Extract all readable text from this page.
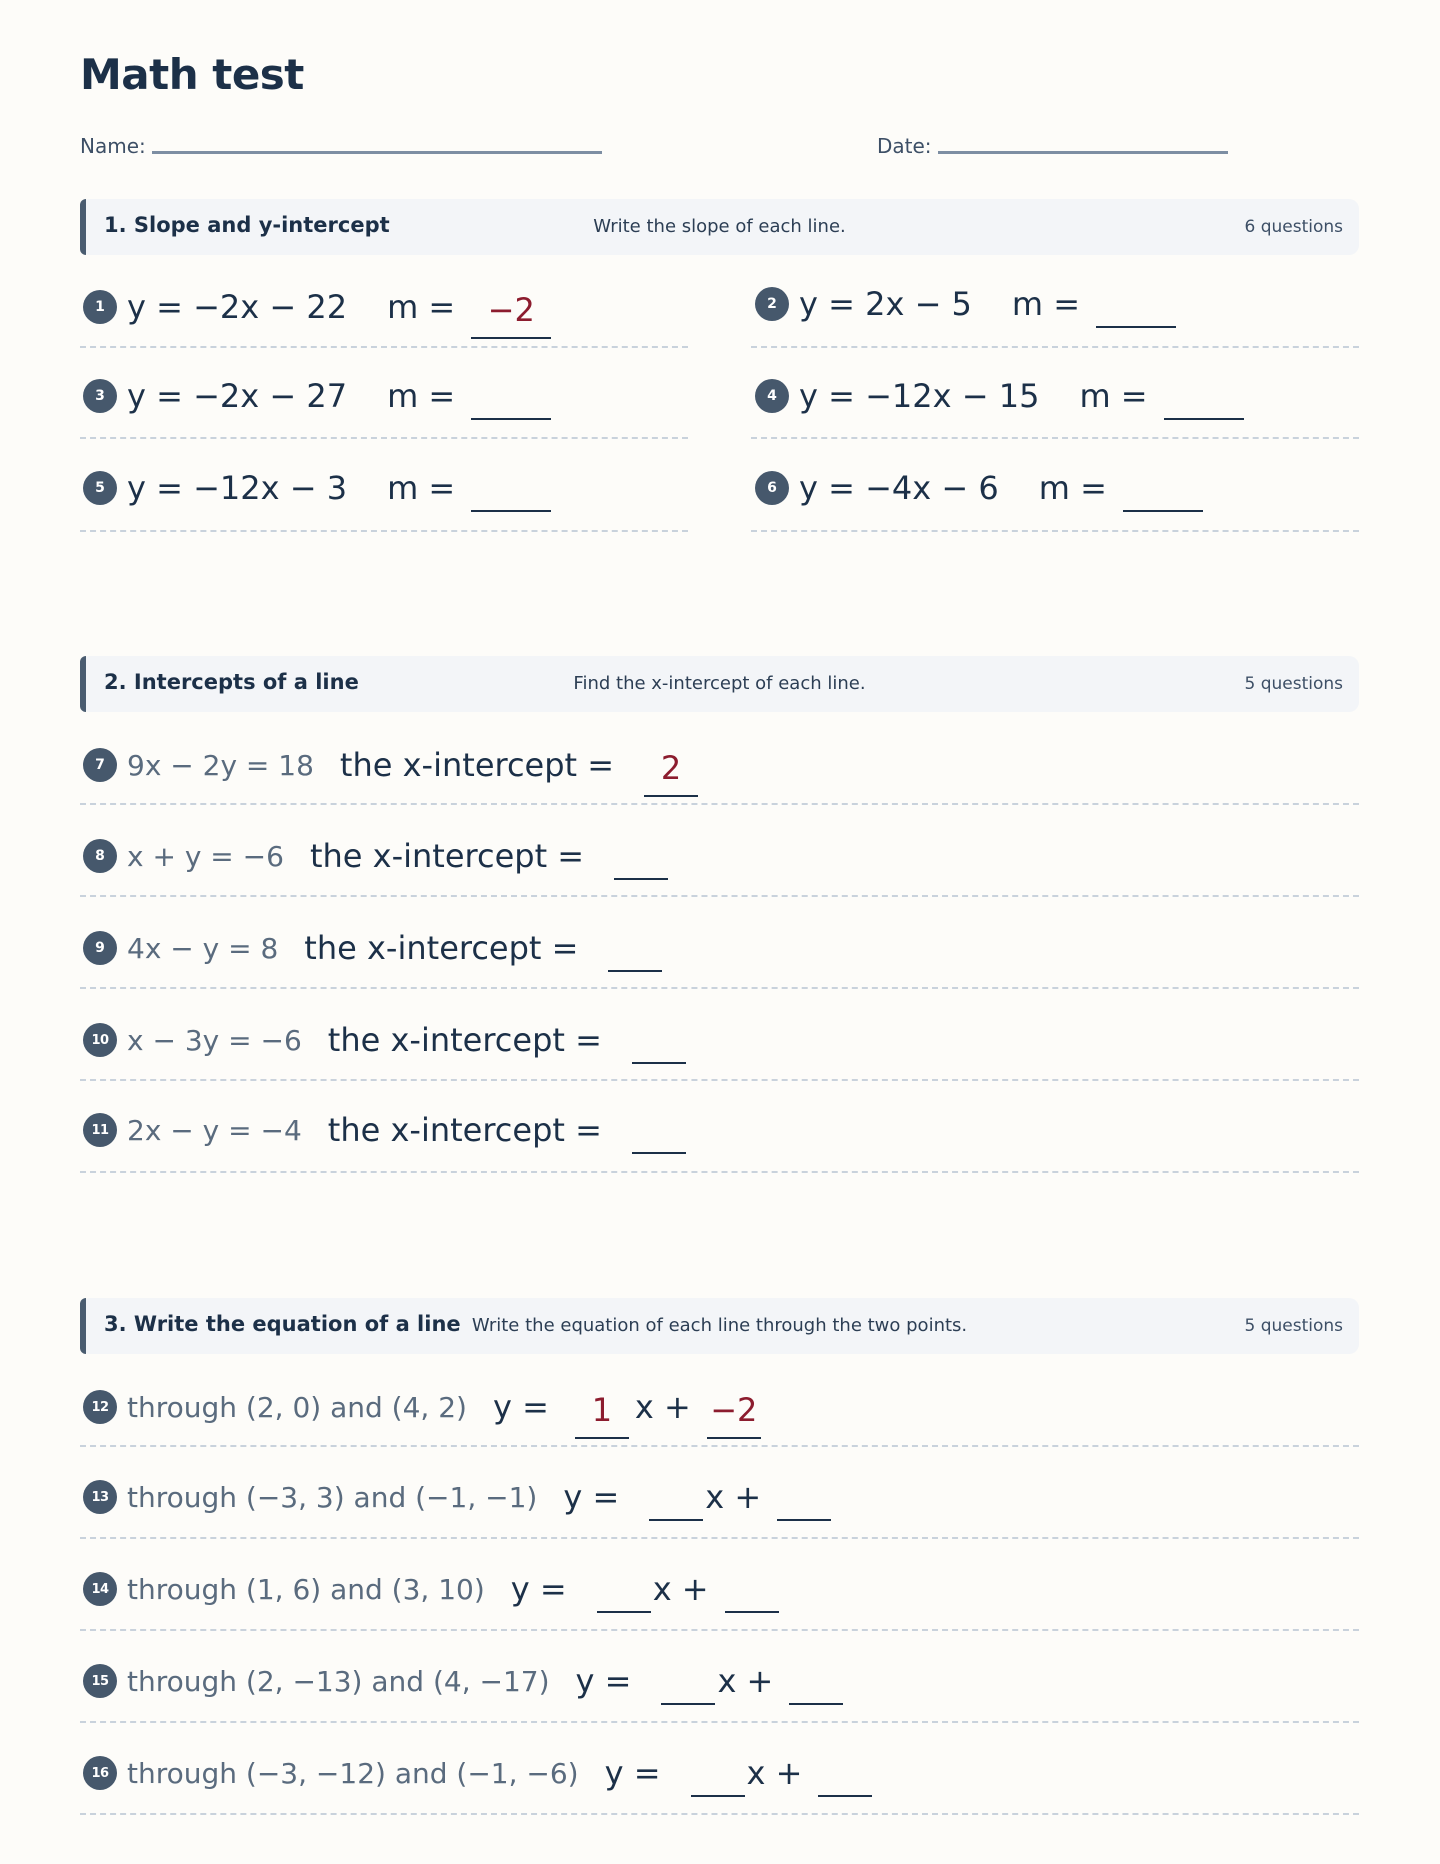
Math test
Name:	Date:
1. Slope and y-intercept	Write the slope of each line.	6 questions
1 y = −2x − 22 m =	−2	2 y = 2x − 5 m =
3 y = −2x − 27 m =	4 y = −12x − 15 m =
5 y = −12x − 3 m =	6 y = −4x − 6 m =
2. Intercepts of a line	Find the x-intercept of each line.	5 questions
7 9x − 2y = 18 the x-intercept =	2
8 x + y = −6 the x-intercept =
9 4x − y = 8 the x-intercept =
10 x − 3y = −6 the x-intercept =
11 2x − y = −4 the x-intercept =
3. Write the equation of a line Write the equation of each line through the two points.	5 questions
12 through (2, 0) and (4, 2) y =	1 x + −2
13 through (−3, 3) and (−1, −1) y =	x +
14 through (1, 6) and (3, 10) y =	x +
15 through (2, −13) and (4, −17) y =	x +
16 through (−3, −12) and (−1, −6) y =	x +
